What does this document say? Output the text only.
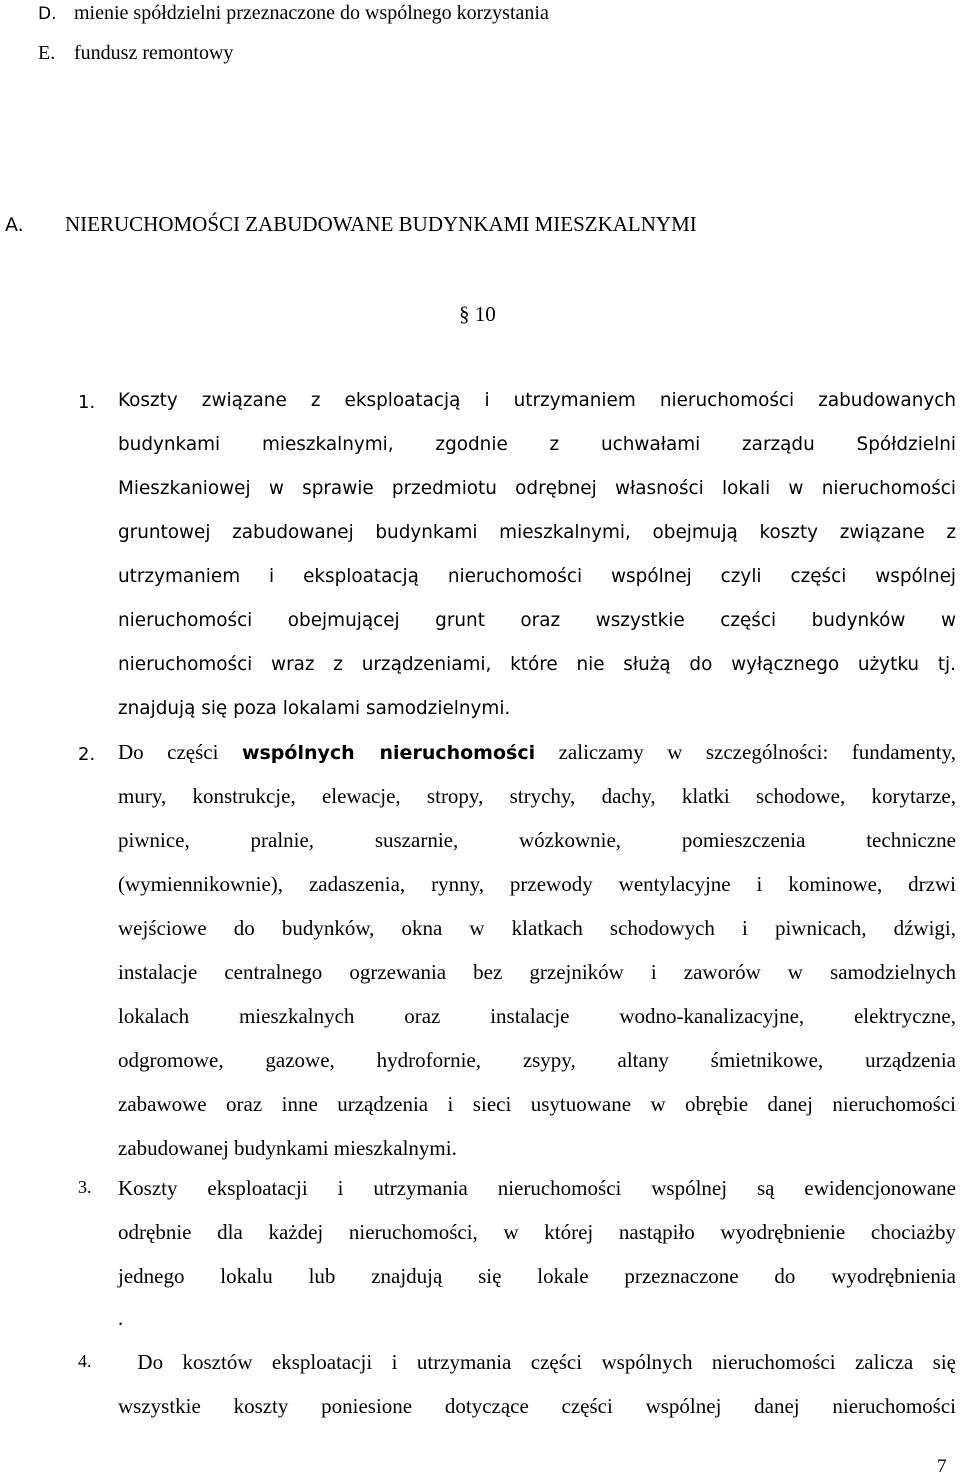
D. mienie spółdzielni przeznaczone do wspólnego korzystania
E. fundusz remontowy
A. NIERUCHOMOŚCI ZABUDOWANE BUDYNKAMI MIESZKALNYMI
§ 10
1. Koszty związane z eksploatacją i utrzymaniem nieruchomości zabudowanych
budynkami mieszkalnymi, zgodnie z uchwałami zarządu Spółdzielni
Mieszkaniowej w sprawie przedmiotu odrębnej własności lokali w nieruchomości
gruntowej zabudowanej budynkami mieszkalnymi, obejmują koszty związane z
utrzymaniem i eksploatacją nieruchomości wspólnej czyli części wspólnej
nieruchomości obejmującej grunt oraz wszystkie części budynków w
nieruchomości wraz z urządzeniami, które nie służą do wyłącznego użytku tj.
znajdują się poza lokalami samodzielnymi.
2. Do części wspólnych nieruchomości zaliczamy w szczególności: fundamenty,
mury, konstrukcje, elewacje, stropy, strychy, dachy, klatki schodowe, korytarze,
piwnice, pralnie, suszarnie, wózkownie, pomieszczenia techniczne
(wymiennikownie), zadaszenia, rynny, przewody wentylacyjne i kominowe, drzwi
wejściowe do budynków, okna w klatkach schodowych i piwnicach, dźwigi,
instalacje centralnego ogrzewania bez grzejników i zaworów w samodzielnych
lokalach mieszkalnych oraz instalacje wodno-kanalizacyjne, elektryczne,
odgromowe, gazowe, hydrofornie, zsypy, altany śmietnikowe, urządzenia
zabawowe oraz inne urządzenia i sieci usytuowane w obrębie danej nieruchomości
zabudowanej budynkami mieszkalnymi.
3. Koszty eksploatacji i utrzymania nieruchomości wspólnej są ewidencjonowane
odrębnie dla każdej nieruchomości, w której nastąpiło wyodrębnienie chociażby
jednego lokalu lub znajdują się lokale przeznaczone do wyodrębnienia
.
4. Do kosztów eksploatacji i utrzymania części wspólnych nieruchomości zalicza się
wszystkie koszty poniesione dotyczące części wspólnej danej nieruchomości
7
